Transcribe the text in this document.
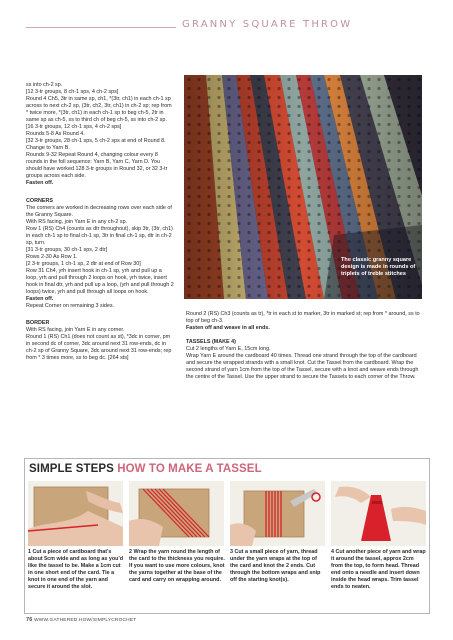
GRANNY SQUARE THROW

ss into ch-2 sp.

[12 3-tr groups, 8 ch-1 sps, 4 ch-2 sps]

Round 4 Ch5, 3tr in same sp, ch1, *(3tr, ch1) in each ch-1 sp across to next ch-2 sp, (3tr, ch2, 3tr, ch1) in ch-2 sp; rep from * twice more, *(3tr, ch1) in each ch-1 sp to beg ch-5, 2tr in same sp as ch-5, ss to third ch of beg ch-5, ss into ch-2 sp.

[16 3-tr groups, 12 ch-1 sps, 4 ch-2 sps]

Rounds 5-8 As Round 4.

[32 3-tr groups, 28 ch-1 sps, 5 ch-2 sps at end of Round 8.

Change to Yarn B.

Rounds 9-32 Repeat Round 4, changing colour every 8 rounds in the foll sequence: Yarn B, Yarn C, Yarn D. You should have worked 128 3-tr groups in Round 32, or 32 3-tr groups across each side.

Fasten off.

CORNERS

The corners are worked in decreasing rows over each side of the Granny Square.

With RS facing, join Yarn E in any ch-2 sp.

Row 1 (RS) Ch4 (counts as dtr throughout), skip 3tr, (3tr, ch1) in each ch-1 sp to final ch-1 sp, 3tr in final ch-1 sp, dtr in ch-2 sp, turn.

[31 3-tr groups, 30 ch-1 sps, 2 dtr]

Rows 2-30 As Row 1.

[2 3-tr groups, 1 ch-1 sp, 2 dtr at end of Row 30]

Row 31 Ch4, yrh insert hook in ch-1 sp, yrh and pull up a loop, yrh and pull through 2 loops on hook, yrh twice, insert hook in final dtr, yrh and pull up a loop, (yrh and pull through 2 loops) twice, yrh and pull through all loops on hook.

Fasten off.

Repeat Corner on remaining 3 sides.

BORDER

With RS facing, join Yarn E in any corner.

Round 1 (RS) Ch1 (does not count as st), *3dc in corner, pm in second dc of corner, 3dc around next 31 row-ends, dc in ch-2 sp of Granny Square, 3dc around next 31 row-ends; rep from * 3 times more, ss to beg dc. [264 sts]

The classic granny square design is made in rounds of triplets of treble stitches

Round 2 (RS) Ch3 (counts as tr), *tr in each st to marker, 3tr in marked st; rep from * around, ss to top of beg ch-3.

Fasten off and weave in all ends.

TASSELS (MAKE 4)

Cut 2 lengths of Yarn E, 15cm long.

Wrap Yarn E around the cardboard 40 times. Thread one strand through the top of the cardboard and secure the wrapped strands with a small knot. Cut the Tassel from the cardboard. Wrap the second strand of yarn 1cm from the top of the Tassel, secure with a knot and weave ends through the centre of the Tassel. Use the upper strand to secure the Tassels to each corner of the Throw.

SIMPLE STEPS HOW TO MAKE A TASSEL
1 Cut a piece of cardboard that's about 5cm wide and as long as you'd like the tassel to be. Make a 1cm cut in one short end of the card. Tie a knot in one end of the yarn and secure it around the slot.
2 Wrap the yarn round the length of the card to the thickness you require. If you want to use more colours, knot the yarns together at the base of the card and carry on wrapping around.
3 Cut a small piece of yarn, thread under the yarn wraps at the top of the card and knot the 2 ends. Cut through the bottom wraps and snip off the starting knot(s).
4 Cut another piece of yarn and wrap it around the tassel, approx 2cm from the top, to form head. Thread end onto a needle and insert down inside the head wraps. Trim tassel ends to neaten.
76 WWW.GATHERED.HOW/SIMPLYCROCHET
